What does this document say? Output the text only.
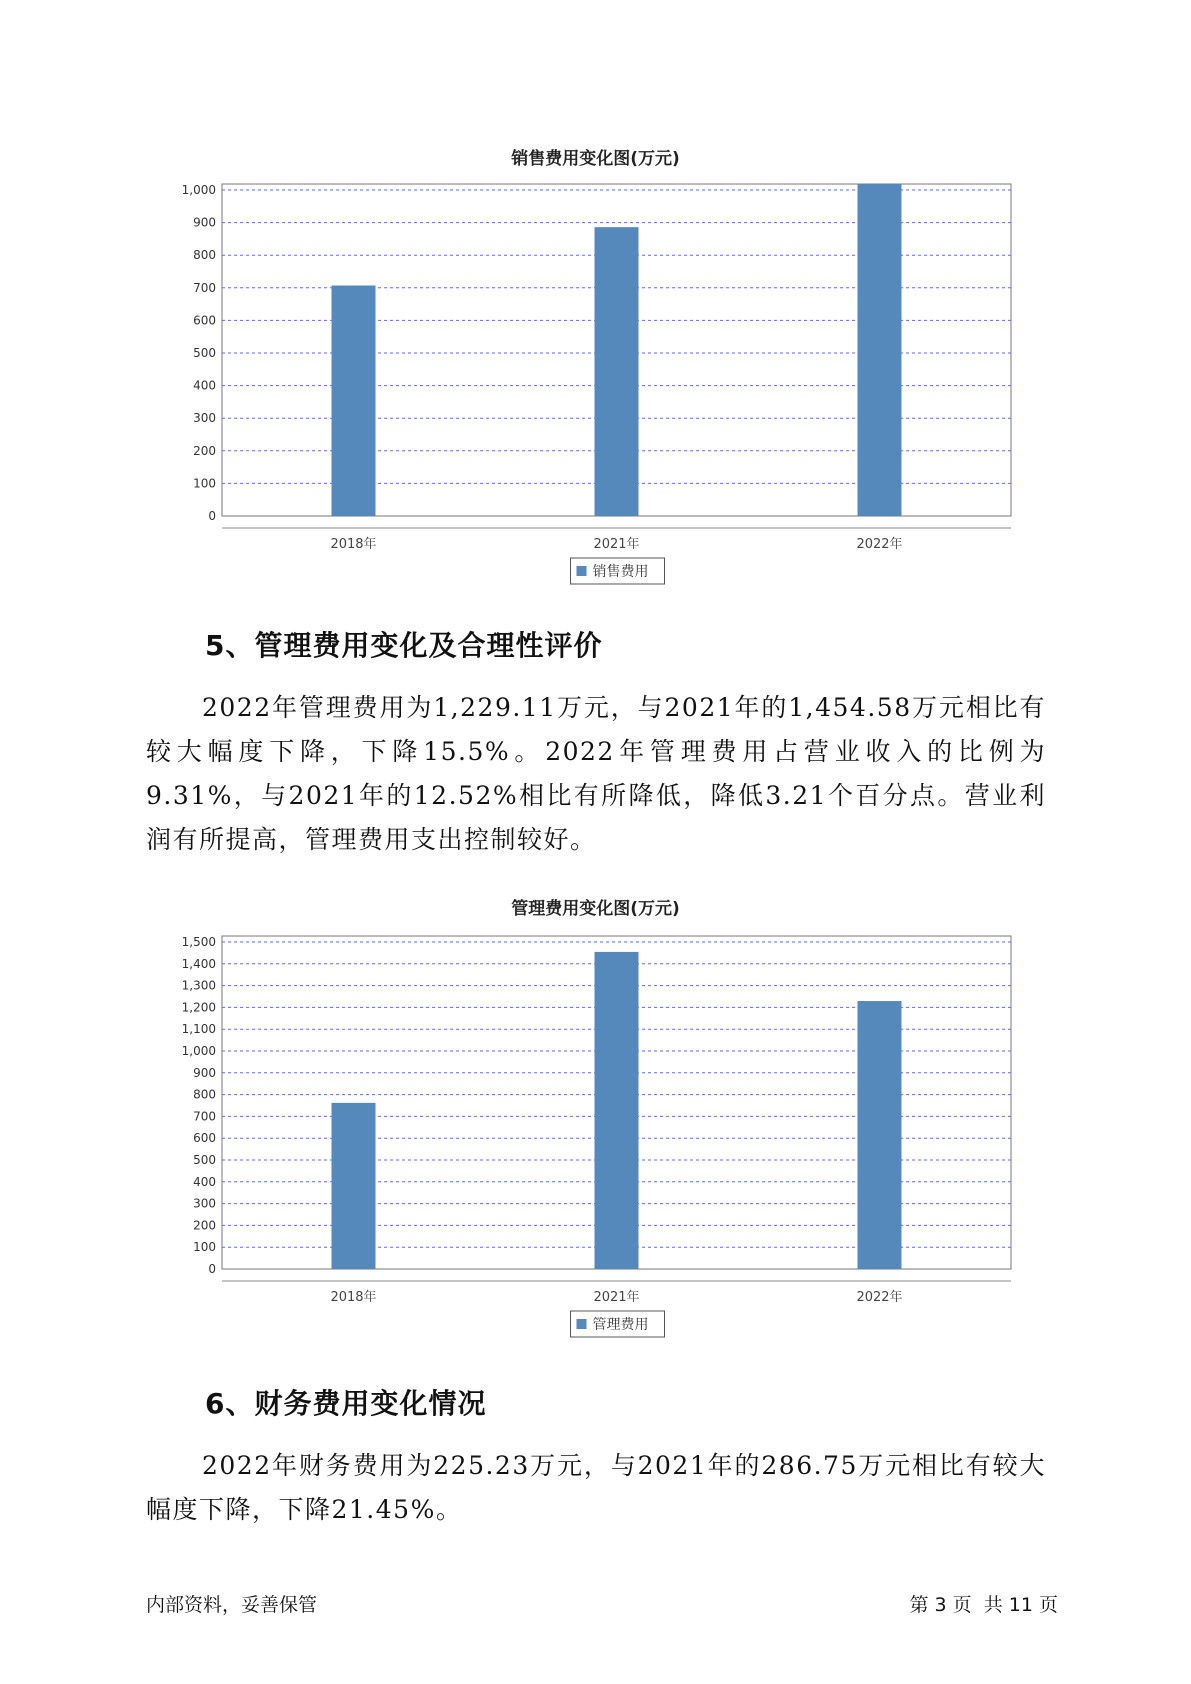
销售费用变化图(万元)
0
100
200
300
400
500
600
700
800
900
1,000
2018年	2021年	2022年
销售费用
5、管理费用变化及合理性评价

2022年管理费用为1,229.11万元，与2021年的1,454.58万元相比有较大幅度下降，下降15.5%。2022年管理费用占营业收入的比例为9.31%，与2021年的12.52%相比有所降低，降低3.21个百分点。营业利润有所提高，管理费用支出控制较好。

管理费用变化图(万元)
0
100
200
300
400
500
600
700
800
900
1,000
1,100
1,200
1,300
1,400
1,500
2018年	2021年	2022年
管理费用
6、财务费用变化情况

2022年财务费用为225.23万元，与2021年的286.75万元相比有较大幅度下降，下降21.45%。

内部资料，妥善保管	第 3 页  共 11 页
